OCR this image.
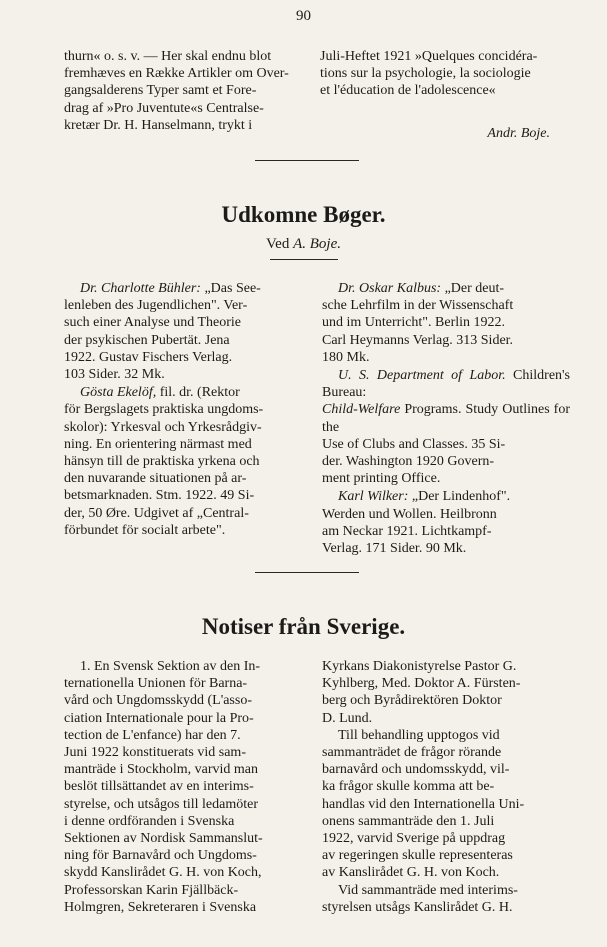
90
thurn« o. s. v. — Her skal endnu blot
fremhæves en Række Artikler om Over-
gangsalderens Typer samt et Fore-
drag af »Pro Juventute«s Centralse-
kretær Dr. H. Hanselmann, trykt i
Juli-Heftet 1921 »Quelques concidéra-
tions sur la psychologie, la sociologie
et l'éducation de l'adolescence«
Andr. Boje.
Udkomne Bøger.
Ved A. Boje.
Dr. Charlotte Bühler: „Das See-
lenleben des Jugendlichen". Ver-
such einer Analyse und Theorie
der psykischen Pubertät. Jena
1922. Gustav Fischers Verlag.
103 Sider. 32 Mk.
Gösta Ekelöf, fil. dr. (Rektor
för Bergslagets praktiska ungdoms-
skolor): Yrkesval och Yrkesrådgiv-
ning. En orientering närmast med
hänsyn till de praktiska yrkena och
den nuvarande situationen på ar-
betsmarknaden. Stm. 1922. 49 Si-
der, 50 Øre. Udgivet af „Central-
förbundet för socialt arbete".
Dr. Oskar Kalbus: „Der deut-
sche Lehrfilm in der Wissenschaft
und im Unterricht". Berlin 1922.
Carl Heymanns Verlag. 313 Sider.
180 Mk.
U. S. Department of Labor. Children's Bureau:
Child-Welfare Programs. Study Outlines for the
Use of Clubs and Classes. 35 Si-
der. Washington 1920 Govern-
ment printing Office.
Karl Wilker: „Der Lindenhof".
Werden und Wollen. Heilbronn
am Neckar 1921. Lichtkampf-
Verlag. 171 Sider. 90 Mk.
Notiser från Sverige.
1. En Svensk Sektion av den In-
ternationella Unionen för Barna-
vård och Ungdomsskydd (L'asso-
ciation Internationale pour la Pro-
tection de L'enfance) har den 7.
Juni 1922 konstituerats vid sam-
manträde i Stockholm, varvid man
beslöt tillsättandet av en interims-
styrelse, och utsågos till ledamöter
i denne ordföranden i Svenska
Sektionen av Nordisk Sammanslut-
ning för Barnavård och Ungdoms-
skydd Kanslirådet G. H. von Koch,
Professorskan Karin Fjällbäck-
Holmgren, Sekreteraren i Svenska
Kyrkans Diakonistyrelse Pastor G.
Kyhlberg, Med. Doktor A. Fürsten-
berg och Byrådirektören Doktor
D. Lund.
Till behandling upptogos vid
sammanträdet de frågor rörande
barnavård och undomsskydd, vil-
ka frågor skulle komma att be-
handlas vid den Internationella Uni-
onens sammanträde den 1. Juli
1922, varvid Sverige på uppdrag
av regeringen skulle representeras
av Kanslirådet G. H. von Koch.
Vid sammanträde med interims-
styrelsen utsågs Kanslirådet G. H.
